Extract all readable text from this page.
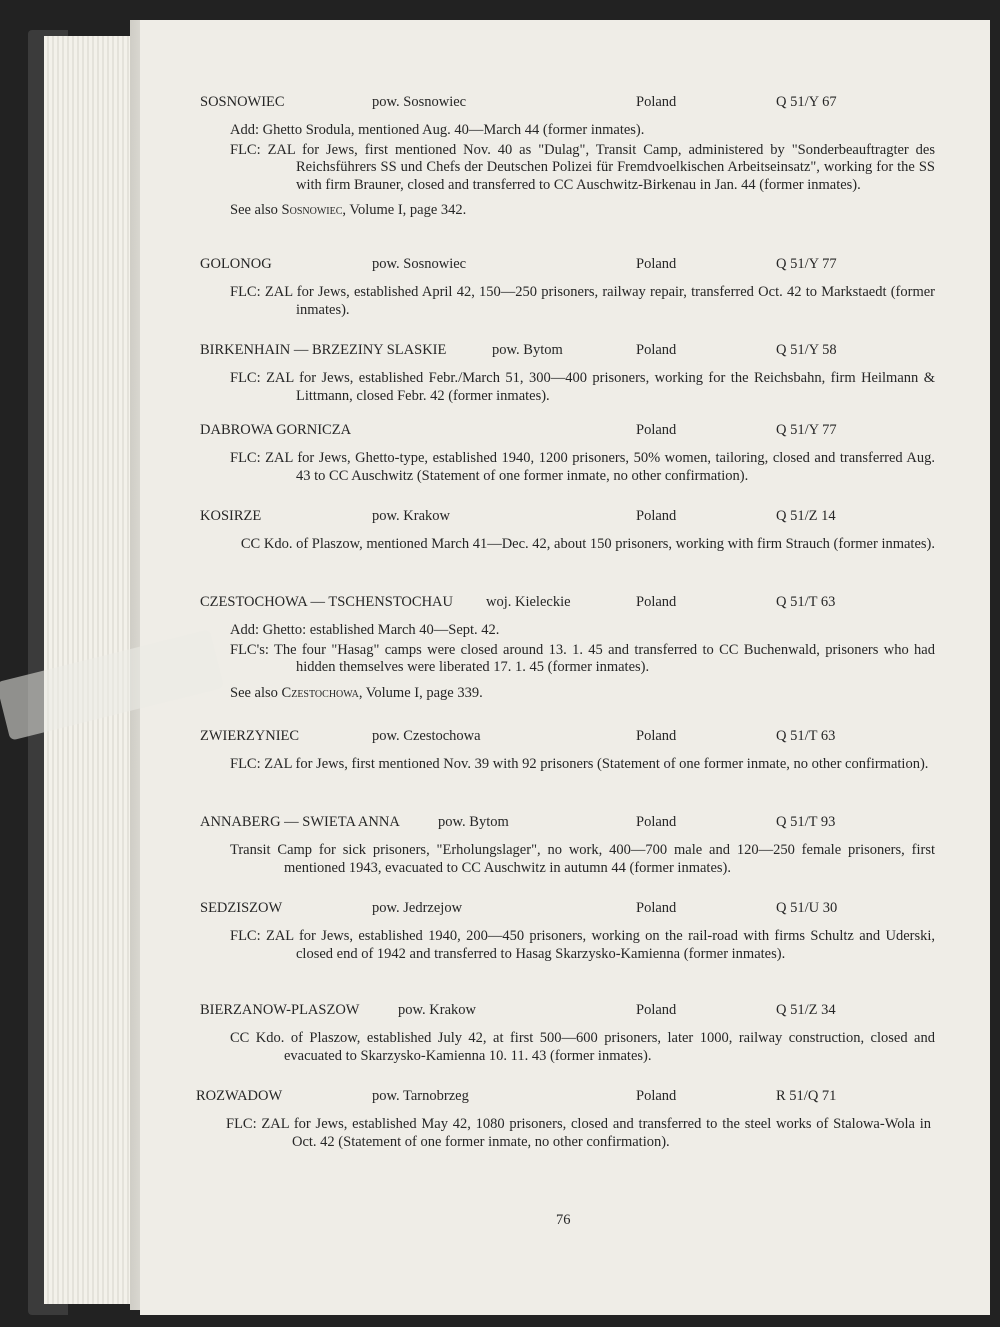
SOSNOWIEC	pow. Sosnowiec	Poland	Q 51/Y 67

Add: Ghetto Srodula, mentioned Aug. 40—March 44 (former inmates).

FLC: ZAL for Jews, first mentioned Nov. 40 as "Dulag", Transit Camp, administered by "Sonderbeauftragter des Reichsführers SS und Chefs der Deutschen Polizei für Fremdvoelkischen Arbeitseinsatz", working for the SS with firm Brauner, closed and transferred to CC Auschwitz-Birkenau in Jan. 44 (former inmates).

See also Sosnowiec, Volume I, page 342.

GOLONOG	pow. Sosnowiec	Poland	Q 51/Y 77

FLC: ZAL for Jews, established April 42, 150—250 prisoners, railway repair, transferred Oct. 42 to Markstaedt (former inmates).

BIRKENHAIN — BRZEZINY SLASKIE	pow. Bytom	Poland	Q 51/Y 58

FLC: ZAL for Jews, established Febr./March 51, 300—400 prisoners, working for the Reichsbahn, firm Heilmann & Littmann, closed Febr. 42 (former inmates).

DABROWA GORNICZA	Poland	Q 51/Y 77

FLC: ZAL for Jews, Ghetto-type, established 1940, 1200 prisoners, 50% women, tailoring, closed and transferred Aug. 43 to CC Auschwitz (Statement of one former inmate, no other confirmation).

KOSIRZE	pow. Krakow	Poland	Q 51/Z 14

CC Kdo. of Plaszow, mentioned March 41—Dec. 42, about 150 prisoners, working with firm Strauch (former inmates).

CZESTOCHOWA — TSCHENSTOCHAU woj. Kieleckie	Poland	Q 51/T 63

Add: Ghetto: established March 40—Sept. 42.

FLC's: The four "Hasag" camps were closed around 13. 1. 45 and transferred to CC Buchenwald, prisoners who had hidden themselves were liberated 17. 1. 45 (former inmates).

See also Czestochowa, Volume I, page 339.

ZWIERZYNIEC	pow. Czestochowa	Poland	Q 51/T 63

FLC: ZAL for Jews, first mentioned Nov. 39 with 92 prisoners (Statement of one former inmate, no other confirmation).

ANNABERG — SWIETA ANNA	pow. Bytom	Poland	Q 51/T 93

Transit Camp for sick prisoners, "Erholungslager", no work, 400—700 male and 120—250 female prisoners, first mentioned 1943, evacuated to CC Auschwitz in autumn 44 (former inmates).

SEDZISZOW	pow. Jedrzejow	Poland	Q 51/U 30

FLC: ZAL for Jews, established 1940, 200—450 prisoners, working on the rail-road with firms Schultz and Uderski, closed end of 1942 and transferred to Hasag Skarzysko-Kamienna (former inmates).

BIERZANOW-PLASZOW	pow. Krakow	Poland	Q 51/Z 34

CC Kdo. of Plaszow, established July 42, at first 500—600 prisoners, later 1000, railway construction, closed and evacuated to Skarzysko-Kamienna 10. 11. 43 (former inmates).

ROZWADOW	pow. Tarnobrzeg	Poland	R 51/Q 71

FLC: ZAL for Jews, established May 42, 1080 prisoners, closed and transferred to the steel works of Stalowa-Wola in Oct. 42 (Statement of one former inmate, no other confirmation).

76
